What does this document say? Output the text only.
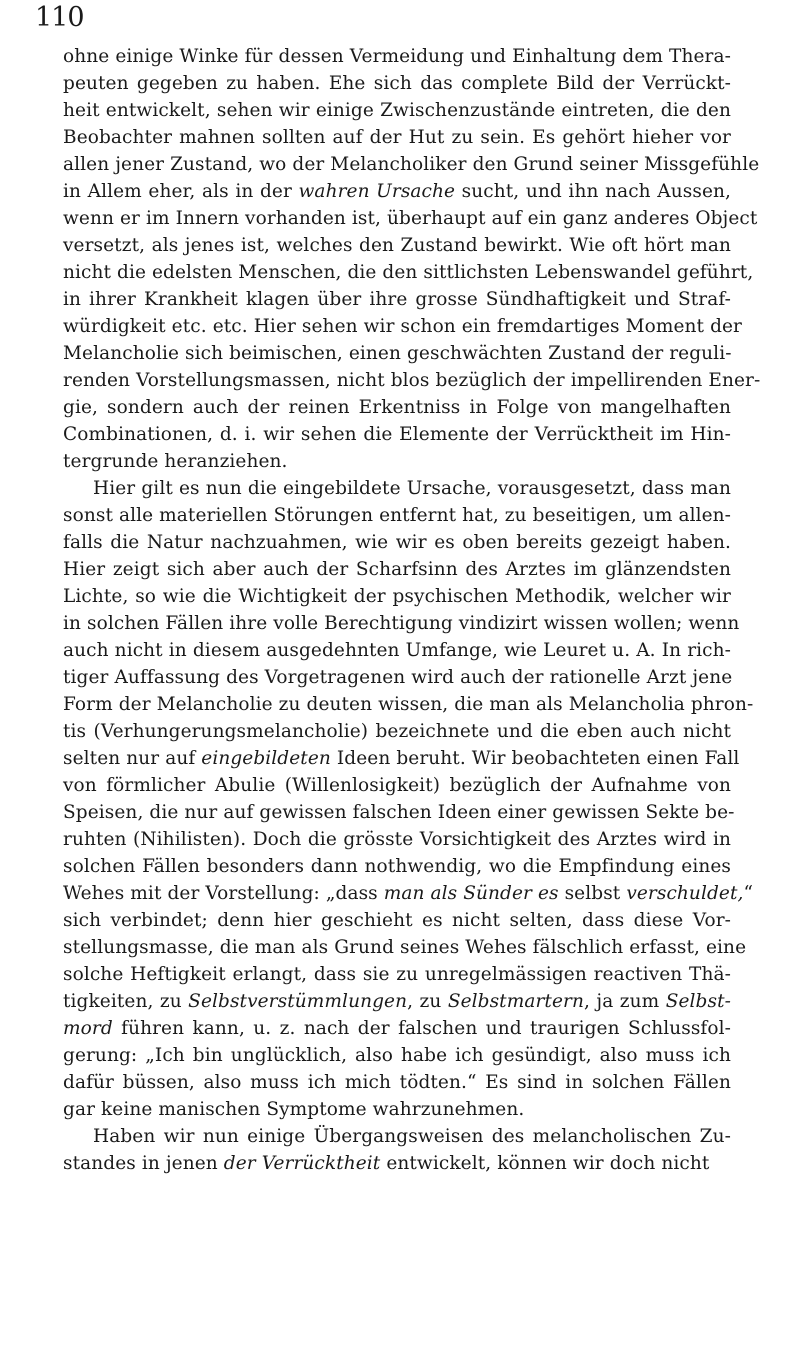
110
ohne einige Winke für dessen Vermeidung und Einhaltung dem Thera-
peuten gegeben zu haben. Ehe sich das complete Bild der Verrückt-
heit entwickelt, sehen wir einige Zwischenzustände eintreten, die den
Beobachter mahnen sollten auf der Hut zu sein. Es gehört hieher vor
allen jener Zustand, wo der Melancholiker den Grund seiner Missgefühle
in Allem eher, als in der wahren Ursache sucht, und ihn nach Aussen,
wenn er im Innern vorhanden ist, überhaupt auf ein ganz anderes Object
versetzt, als jenes ist, welches den Zustand bewirkt. Wie oft hört man
nicht die edelsten Menschen, die den sittlichsten Lebenswandel geführt,
in ihrer Krankheit klagen über ihre grosse Sündhaftigkeit und Straf-
würdigkeit etc. etc. Hier sehen wir schon ein fremdartiges Moment der
Melancholie sich beimischen, einen geschwächten Zustand der reguli-
renden Vorstellungsmassen, nicht blos bezüglich der impellirenden Ener-
gie, sondern auch der reinen Erkentniss in Folge von mangelhaften
Combinationen, d. i. wir sehen die Elemente der Verrücktheit im Hin-
tergrunde heranziehen.
Hier gilt es nun die eingebildete Ursache, vorausgesetzt, dass man
sonst alle materiellen Störungen entfernt hat, zu beseitigen, um allen-
falls die Natur nachzuahmen, wie wir es oben bereits gezeigt haben.
Hier zeigt sich aber auch der Scharfsinn des Arztes im glänzendsten
Lichte, so wie die Wichtigkeit der psychischen Methodik, welcher wir
in solchen Fällen ihre volle Berechtigung vindizirt wissen wollen; wenn
auch nicht in diesem ausgedehnten Umfange, wie Leuret u. A. In rich-
tiger Auffassung des Vorgetragenen wird auch der rationelle Arzt jene
Form der Melancholie zu deuten wissen, die man als Melancholia phron-
tis (Verhungerungsmelancholie) bezeichnete und die eben auch nicht
selten nur auf eingebildeten Ideen beruht. Wir beobachteten einen Fall
von förmlicher Abulie (Willenlosigkeit) bezüglich der Aufnahme von
Speisen, die nur auf gewissen falschen Ideen einer gewissen Sekte be-
ruhten (Nihilisten). Doch die grösste Vorsichtigkeit des Arztes wird in
solchen Fällen besonders dann nothwendig, wo die Empfindung eines
Wehes mit der Vorstellung: „dass man als Sünder es selbst verschuldet,“
sich verbindet; denn hier geschieht es nicht selten, dass diese Vor-
stellungsmasse, die man als Grund seines Wehes fälschlich erfasst, eine
solche Heftigkeit erlangt, dass sie zu unregelmässigen reactiven Thä-
tigkeiten, zu Selbstverstümmlungen, zu Selbstmartern, ja zum Selbst-
mord führen kann, u. z. nach der falschen und traurigen Schlussfol-
gerung: „Ich bin unglücklich, also habe ich gesündigt, also muss ich
dafür büssen, also muss ich mich tödten.“ Es sind in solchen Fällen
gar keine manischen Symptome wahrzunehmen.
Haben wir nun einige Übergangsweisen des melancholischen Zu-
standes in jenen der Verrücktheit entwickelt, können wir doch nicht
